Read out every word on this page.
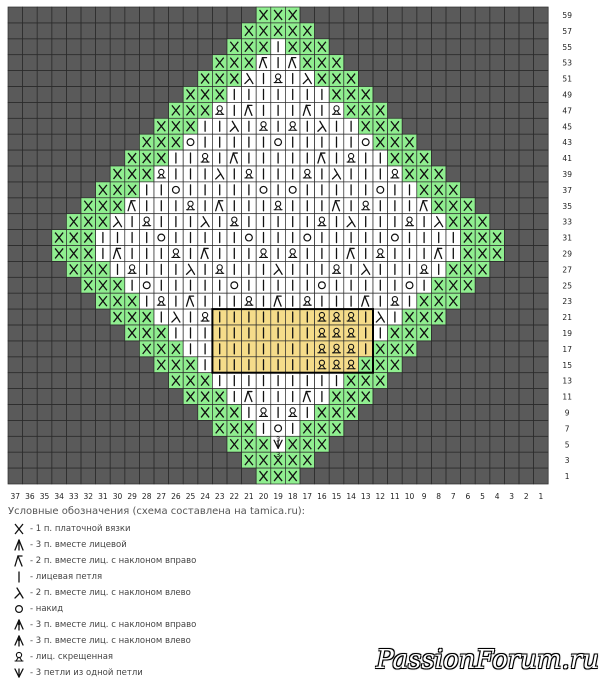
3
3
59
57
55
53
51
49
47
45
43
41
39
37
35
33
31
29
27
25
23
21
19
17
15
13
11
9
7
5
3
1
37 36 35 34 33 32 31 30 29 28 27 26 25 24 23 22 21 20 19 18 17 16 15 14 13 12 11 10 9 8 7 6 5 4 3 2 1
Условные обозначения (схема составлена на tamica.ru):
- 1 п. платочной вязки
- 3 п. вместе лицевой
- 2 п. вместе лиц. с наклоном вправо
- лицевая петля
- 2 п. вместе лиц. с наклоном влево
- накид
- 3 п. вместе лиц. с наклоном вправо
- 3 п. вместе лиц. с наклоном влево
- лиц. скрещенная
- 3 петли из одной петли	PassionForum.ru
